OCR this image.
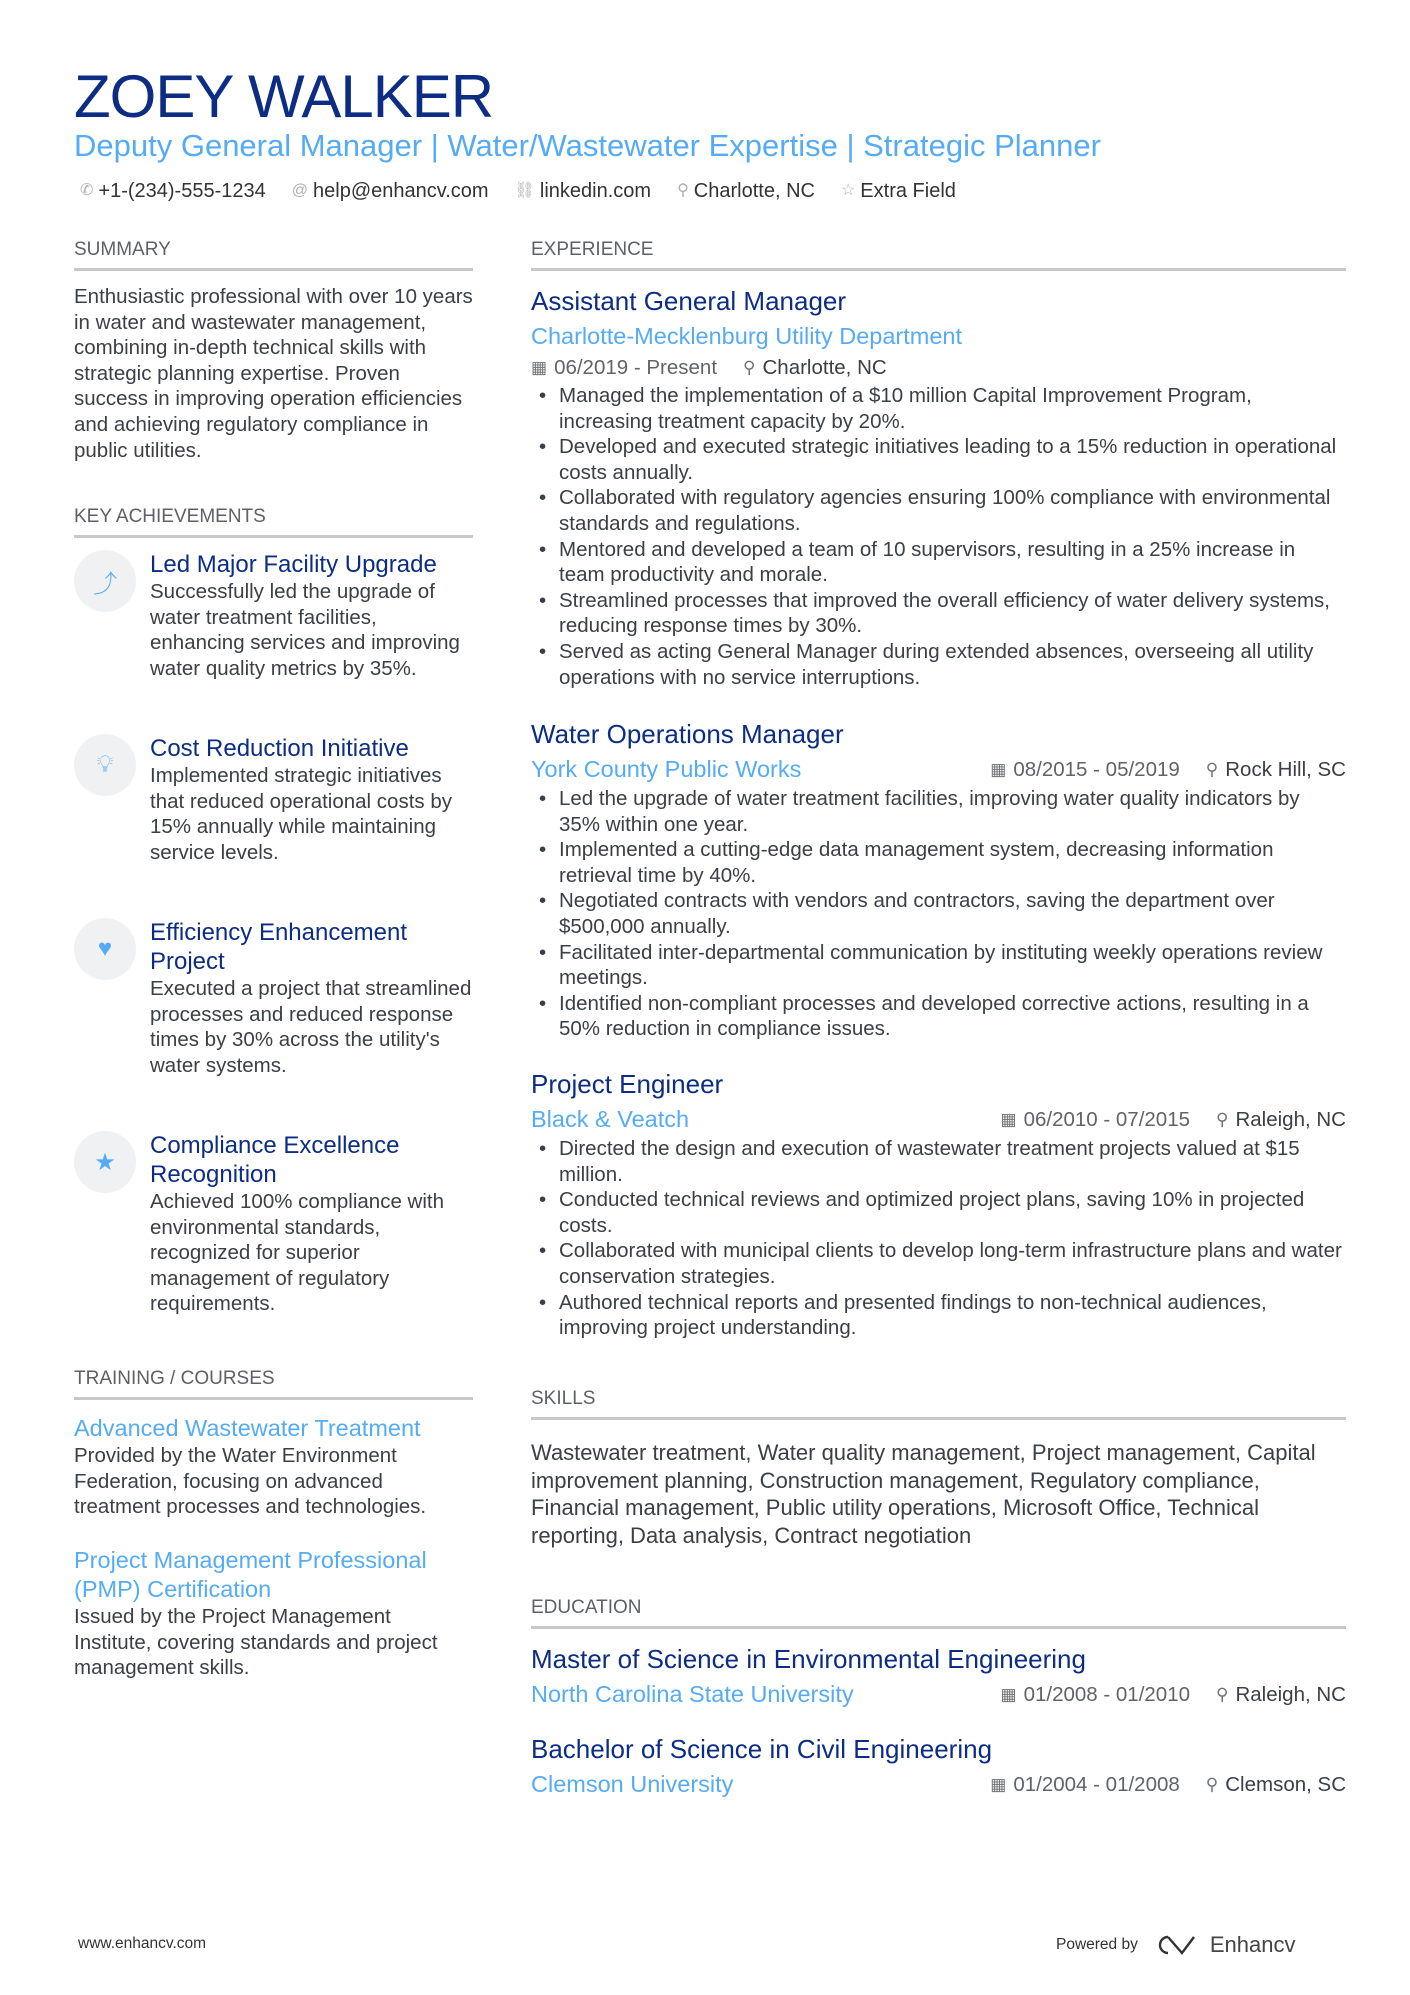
ZOEY WALKER
Deputy General Manager | Water/Wastewater Expertise | Strategic Planner
✆ +1-(234)-555-1234 @ help@enhancv.com ⛓ linkedin.com ⚲ Charlotte, NC ☆ Extra Field
SUMMARY
Enthusiastic professional with over 10 years in water and wastewater management, combining in-depth technical skills with strategic planning expertise. Proven success in improving operation efficiencies and achieving regulatory compliance in public utilities.
KEY ACHIEVEMENTS
⤴
Led Major Facility Upgrade
Successfully led the upgrade of water treatment facilities, enhancing services and improving water quality metrics by 35%.
💡︎
Cost Reduction Initiative
Implemented strategic initiatives that reduced operational costs by 15% annually while maintaining service levels.
♥
Efficiency Enhancement Project
Executed a project that streamlined processes and reduced response times by 30% across the utility's water systems.
★
Compliance Excellence Recognition
Achieved 100% compliance with environmental standards, recognized for superior management of regulatory requirements.
TRAINING / COURSES
Advanced Wastewater Treatment
Provided by the Water Environment Federation, focusing on advanced treatment processes and technologies.
Project Management Professional (PMP) Certification
Issued by the Project Management Institute, covering standards and project management skills.
EXPERIENCE
Assistant General Manager
Charlotte-Mecklenburg Utility Department
▦ 06/2019 - Present ⚲ Charlotte, NC
• Managed the implementation of a $10 million Capital Improvement Program, increasing treatment capacity by 20%.
• Developed and executed strategic initiatives leading to a 15% reduction in operational costs annually.
• Collaborated with regulatory agencies ensuring 100% compliance with environmental standards and regulations.
• Mentored and developed a team of 10 supervisors, resulting in a 25% increase in team productivity and morale.
• Streamlined processes that improved the overall efficiency of water delivery systems, reducing response times by 30%.
• Served as acting General Manager during extended absences, overseeing all utility operations with no service interruptions.
Water Operations Manager
York County Public Works	▦ 08/2015 - 05/2019 ⚲ Rock Hill, SC
• Led the upgrade of water treatment facilities, improving water quality indicators by 35% within one year.
• Implemented a cutting-edge data management system, decreasing information retrieval time by 40%.
• Negotiated contracts with vendors and contractors, saving the department over $500,000 annually.
• Facilitated inter-departmental communication by instituting weekly operations review meetings.
• Identified non-compliant processes and developed corrective actions, resulting in a 50% reduction in compliance issues.
Project Engineer
Black & Veatch	▦ 06/2010 - 07/2015 ⚲ Raleigh, NC
• Directed the design and execution of wastewater treatment projects valued at $15 million.
• Conducted technical reviews and optimized project plans, saving 10% in projected costs.
• Collaborated with municipal clients to develop long-term infrastructure plans and water conservation strategies.
• Authored technical reports and presented findings to non-technical audiences, improving project understanding.
SKILLS
Wastewater treatment, Water quality management, Project management, Capital improvement planning, Construction management, Regulatory compliance, Financial management, Public utility operations, Microsoft Office, Technical reporting, Data analysis, Contract negotiation
EDUCATION
Master of Science in Environmental Engineering
North Carolina State University	▦ 01/2008 - 01/2010 ⚲ Raleigh, NC
Bachelor of Science in Civil Engineering
Clemson University	▦ 01/2004 - 01/2008 ⚲ Clemson, SC
www.enhancv.com	Powered by	Enhancv
